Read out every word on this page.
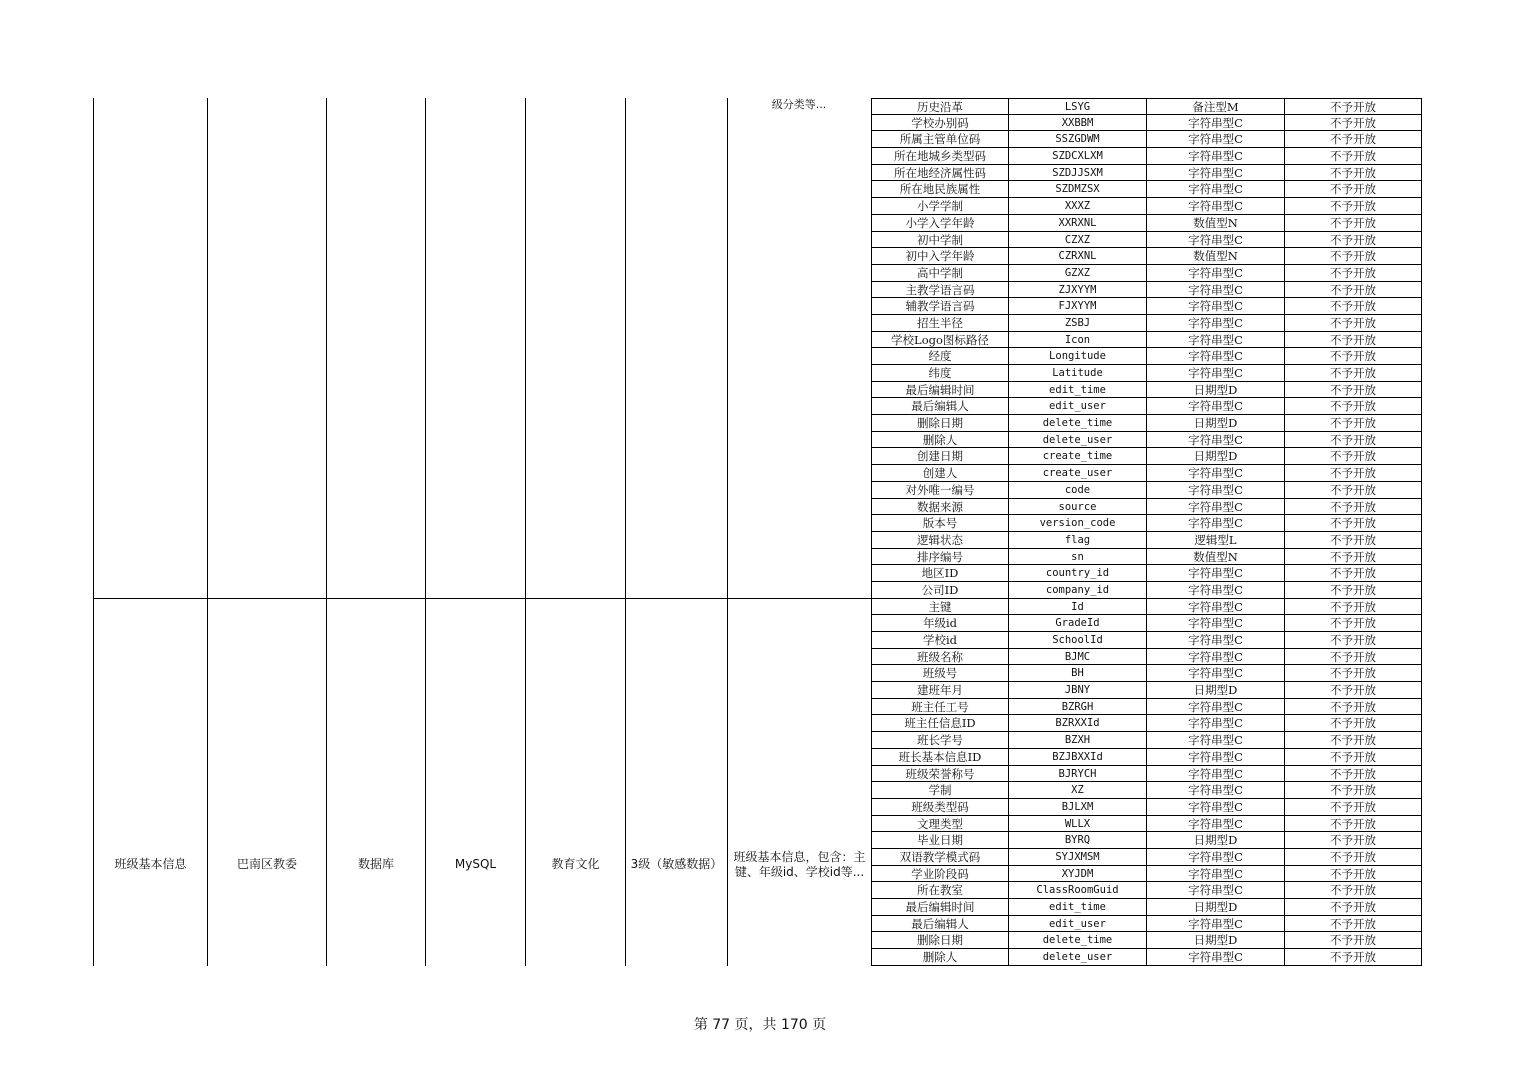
级分类等...
班级基本信息	巴南区教委	数据库	MySQL	教育文化	3级（敏感数据） 班级基本信息，包含：主
键、年级id、学校id等...
历史沿革	LSYG	备注型M	不予开放
学校办别码	XXBBM	字符串型C	不予开放
所属主管单位码	SSZGDWM	字符串型C	不予开放
所在地城乡类型码	SZDCXLXM	字符串型C	不予开放
所在地经济属性码	SZDJJSXM	字符串型C	不予开放
所在地民族属性	SZDMZSX	字符串型C	不予开放
小学学制	XXXZ	字符串型C	不予开放
小学入学年龄	XXRXNL	数值型N	不予开放
初中学制	CZXZ	字符串型C	不予开放
初中入学年龄	CZRXNL	数值型N	不予开放
高中学制	GZXZ	字符串型C	不予开放
主教学语言码	ZJXYYM	字符串型C	不予开放
辅教学语言码	FJXYYM	字符串型C	不予开放
招生半径	ZSBJ	字符串型C	不予开放
学校Logo图标路径	Icon	字符串型C	不予开放
经度	Longitude	字符串型C	不予开放
纬度	Latitude	字符串型C	不予开放
最后编辑时间	edit_time	日期型D	不予开放
最后编辑人	edit_user	字符串型C	不予开放
删除日期	delete_time	日期型D	不予开放
删除人	delete_user	字符串型C	不予开放
创建日期	create_time	日期型D	不予开放
创建人	create_user	字符串型C	不予开放
对外唯一编号	code	字符串型C	不予开放
数据来源	source	字符串型C	不予开放
版本号	version_code	字符串型C	不予开放
逻辑状态	flag	逻辑型L	不予开放
排序编号	sn	数值型N	不予开放
地区ID	country_id	字符串型C	不予开放
公司ID	company_id	字符串型C	不予开放
主键	Id	字符串型C	不予开放
年级id	GradeId	字符串型C	不予开放
学校id	SchoolId	字符串型C	不予开放
班级名称	BJMC	字符串型C	不予开放
班级号	BH	字符串型C	不予开放
建班年月	JBNY	日期型D	不予开放
班主任工号	BZRGH	字符串型C	不予开放
班主任信息ID	BZRXXId	字符串型C	不予开放
班长学号	BZXH	字符串型C	不予开放
班长基本信息ID	BZJBXXId	字符串型C	不予开放
班级荣誉称号	BJRYCH	字符串型C	不予开放
学制	XZ	字符串型C	不予开放
班级类型码	BJLXM	字符串型C	不予开放
文理类型	WLLX	字符串型C	不予开放
毕业日期	BYRQ	日期型D	不予开放
双语教学模式码	SYJXMSM	字符串型C	不予开放
学业阶段码	XYJDM	字符串型C	不予开放
所在教室	ClassRoomGuid	字符串型C	不予开放
最后编辑时间	edit_time	日期型D	不予开放
最后编辑人	edit_user	字符串型C	不予开放
删除日期	delete_time	日期型D	不予开放
删除人	delete_user	字符串型C	不予开放
第 77 页，共 170 页
